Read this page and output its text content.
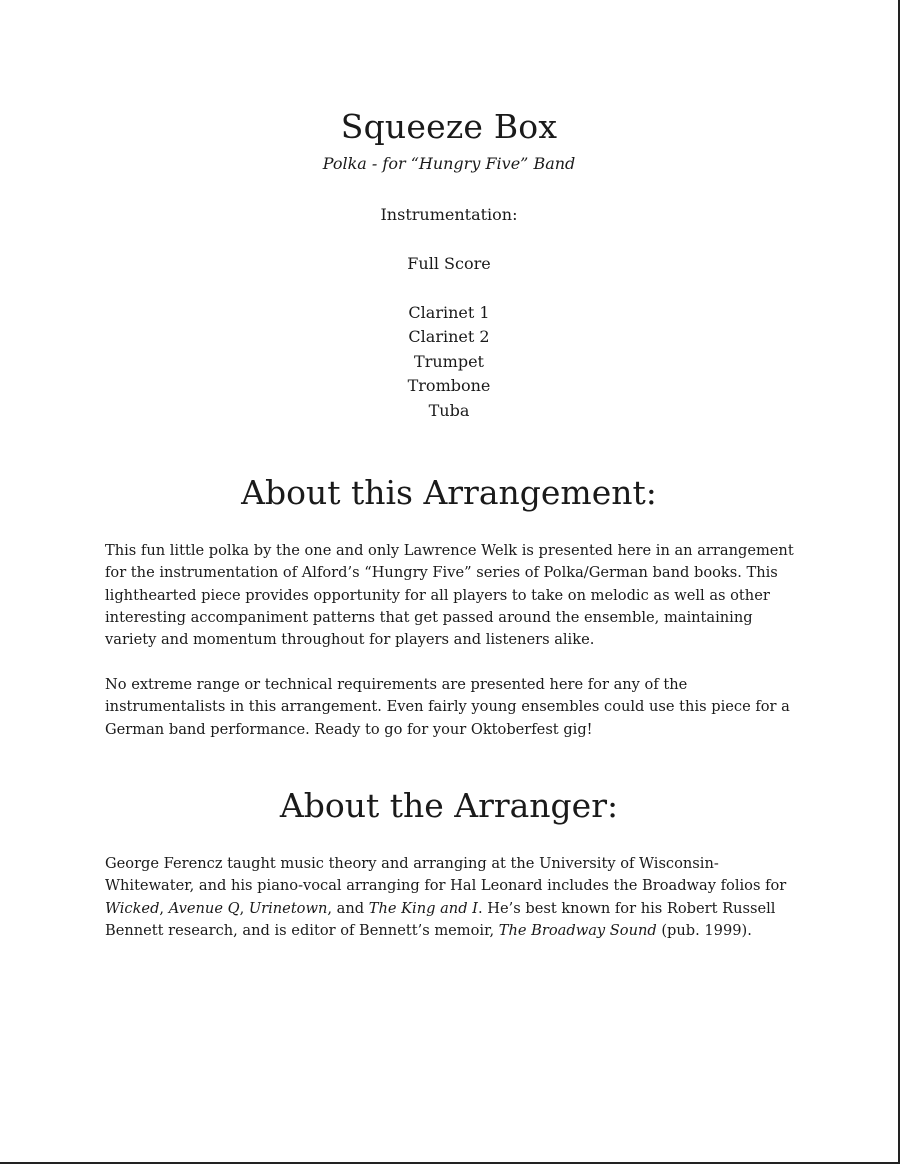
Squeeze Box

Polka - for “Hungry Five” Band

Instrumentation:

Full Score

Clarinet 1
Clarinet 2
Trumpet
Trombone
Tuba
About this Arrangement:

This fun little polka by the one and only Lawrence Welk is presented here in an arrangement for the instrumentation of Alford’s “Hungry Five” series of Polka/German band books. This lighthearted piece provides opportunity for all players to take on melodic as well as other interesting accompaniment patterns that get passed around the ensemble, maintaining variety and momentum throughout for players and listeners alike.

No extreme range or technical requirements are presented here for any of the instrumentalists in this arrangement. Even fairly young ensembles could use this piece for a German band performance. Ready to go for your Oktoberfest gig!

About the Arranger:

George Ferencz taught music theory and arranging at the University of Wisconsin-Whitewater, and his piano-vocal arranging for Hal Leonard includes the Broadway folios for Wicked, Avenue Q, Urinetown, and The King and I. He’s best known for his Robert Russell Bennett research, and is editor of Bennett’s memoir, The Broadway Sound (pub. 1999).
